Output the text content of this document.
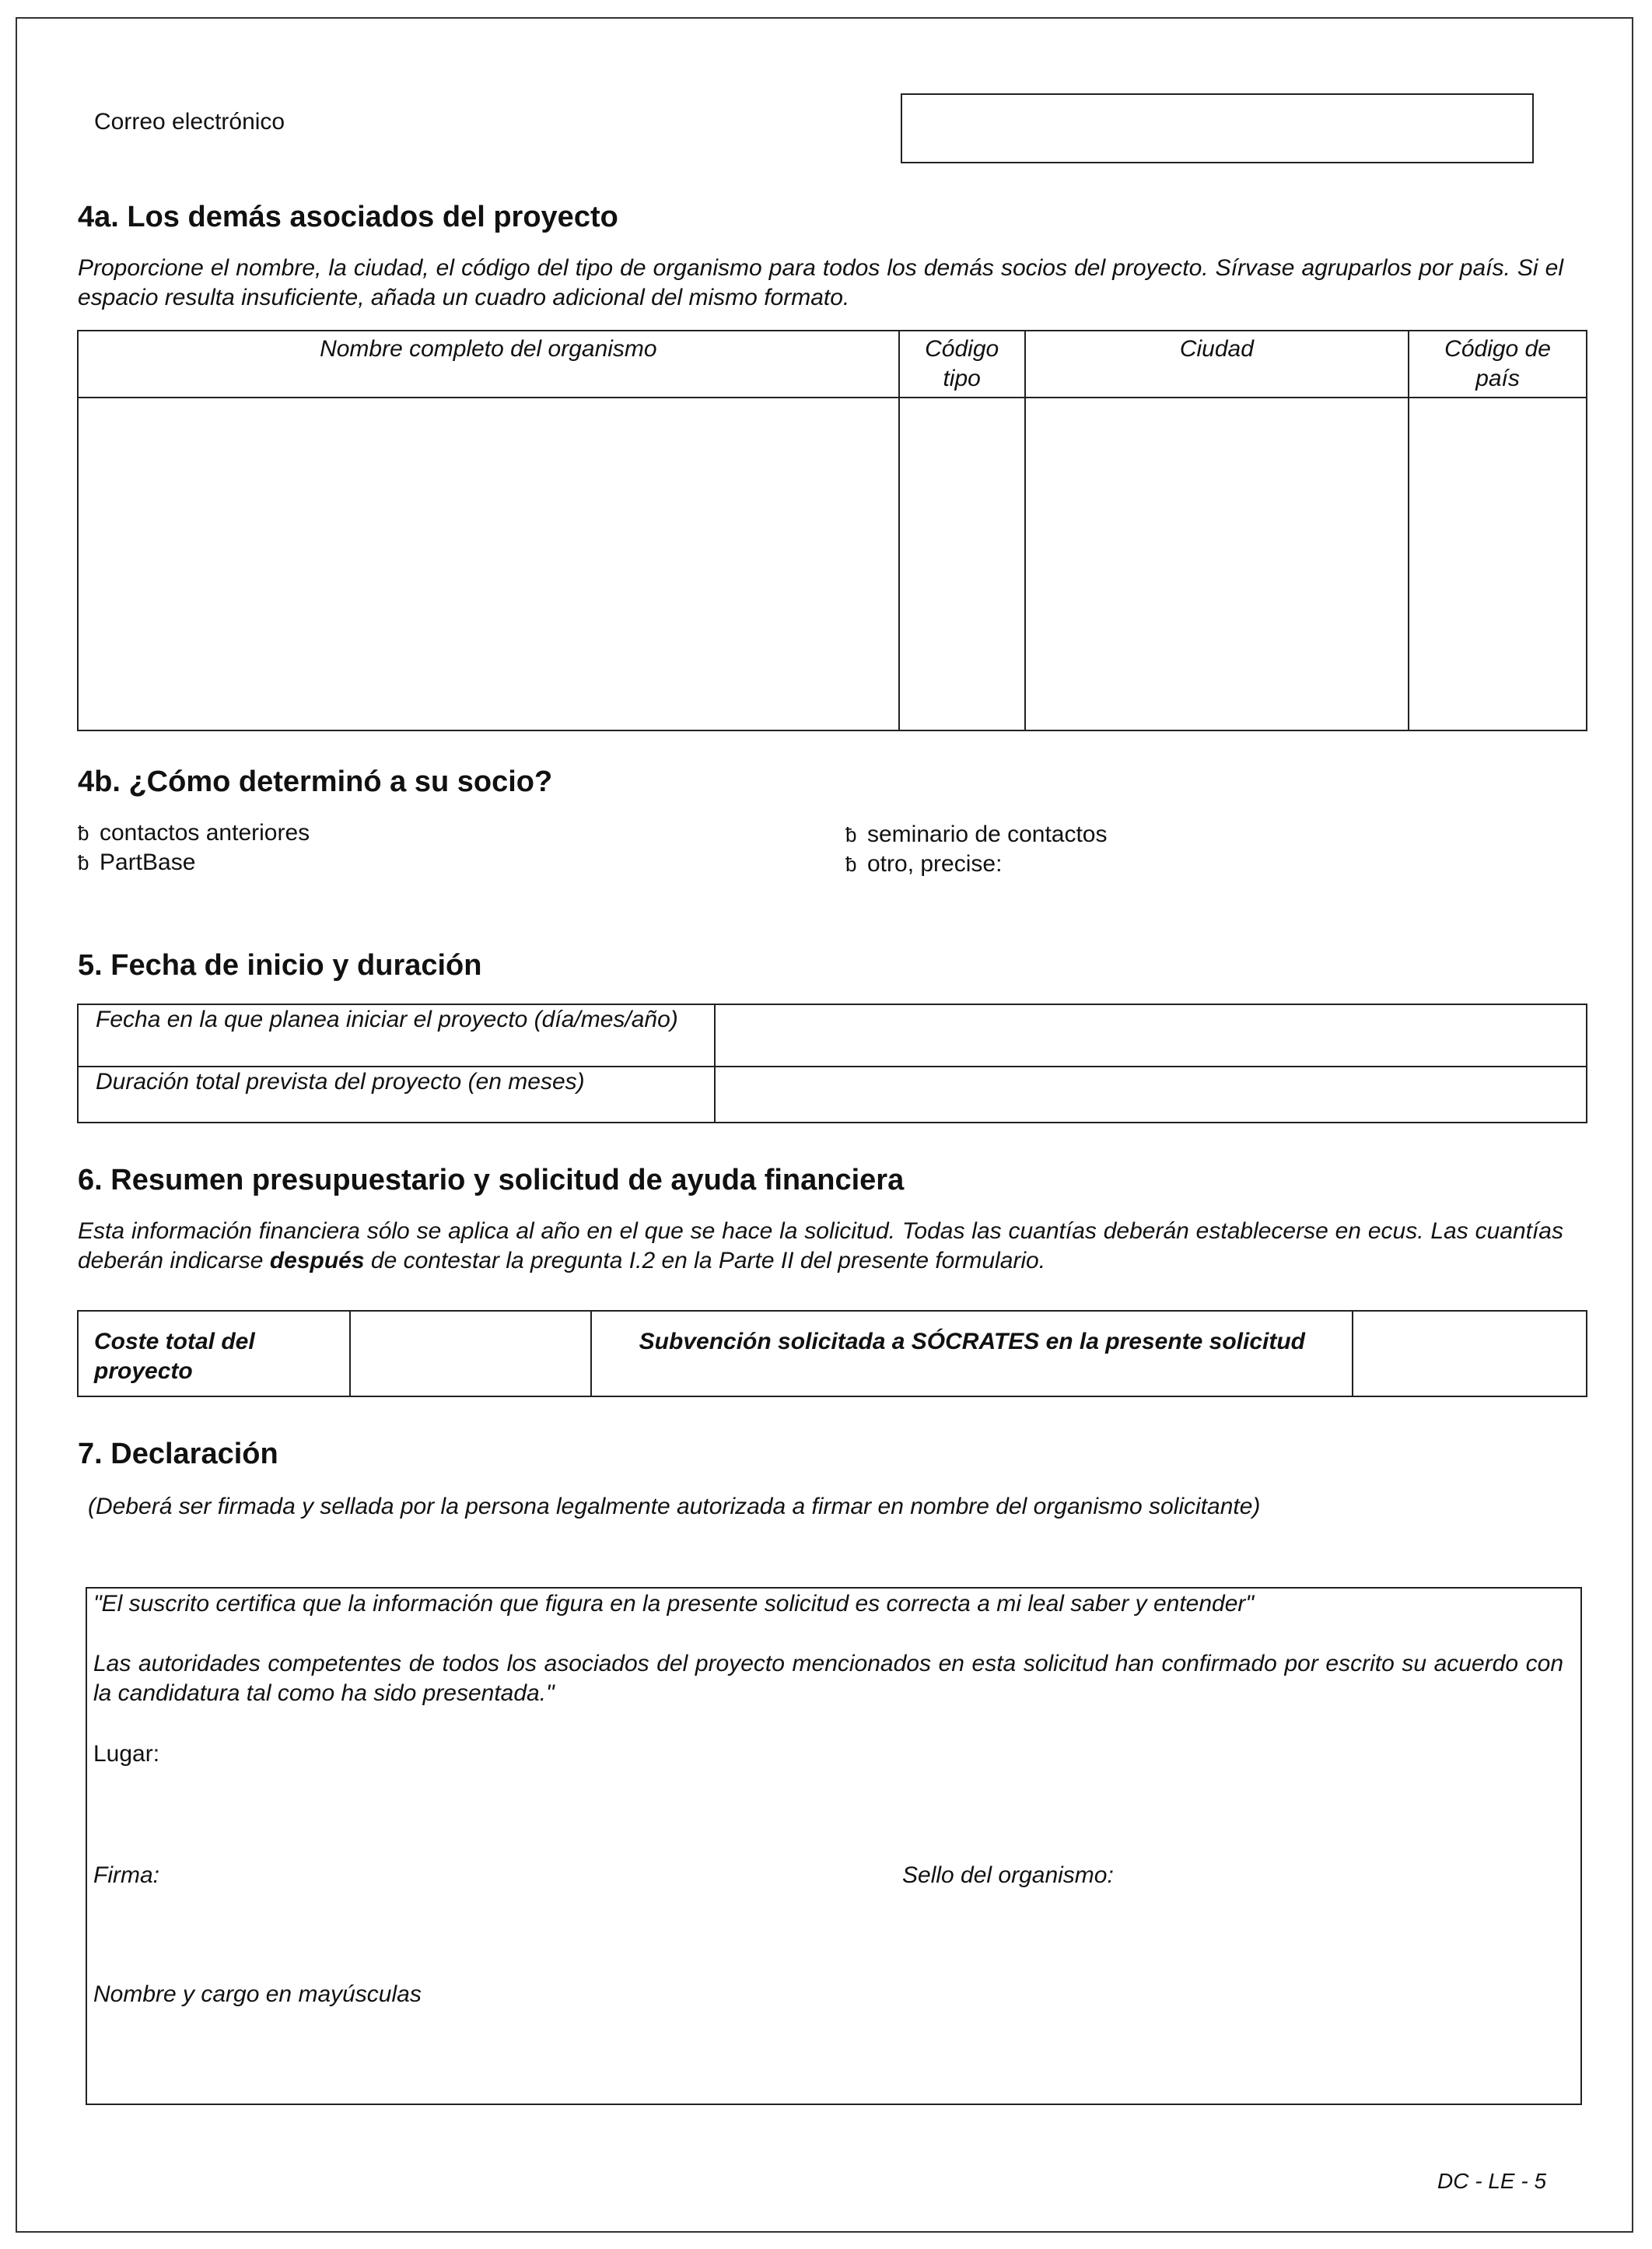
Correo electrónico
4a. Los demás asociados del proyecto
Proporcione el nombre, la ciudad, el código del tipo de organismo para todos los demás socios del proyecto. Sírvase agruparlos por país. Si el espacio resulta insuficiente, añada un cuadro adicional del mismo formato.
Nombre completo del organismo	Código tipo	Ciudad	Código de país

4b. ¿Cómo determinó a su socio?
ƀ contactos anteriores
ƀ PartBase
ƀ seminario de contactos
ƀ otro, precise:
5. Fecha de inicio y duración
Fecha en la que planea iniciar el proyecto (día/mes/año)	
Duración total prevista del proyecto (en meses)	
6. Resumen presupuestario y solicitud de ayuda financiera
Esta información financiera sólo se aplica al año en el que se hace la solicitud. Todas las cuantías deberán establecerse en ecus. Las cuantías deberán indicarse después de contestar la pregunta I.2 en la Parte II del presente formulario.
Coste total del proyecto		Subvención solicitada a SÓCRATES en la presente solicitud	
7. Declaración
(Deberá ser firmada y sellada por la persona legalmente autorizada a firmar en nombre del organismo solicitante)
"El suscrito certifica que la información que figura en la presente solicitud es correcta a mi leal saber y entender"
Las autoridades competentes de todos los asociados del proyecto mencionados en esta solicitud han confirmado por escrito su acuerdo con la candidatura tal como ha sido presentada."
Lugar:
Firma:	Sello del organismo:
Nombre y cargo en mayúsculas
DC - LE - 5
